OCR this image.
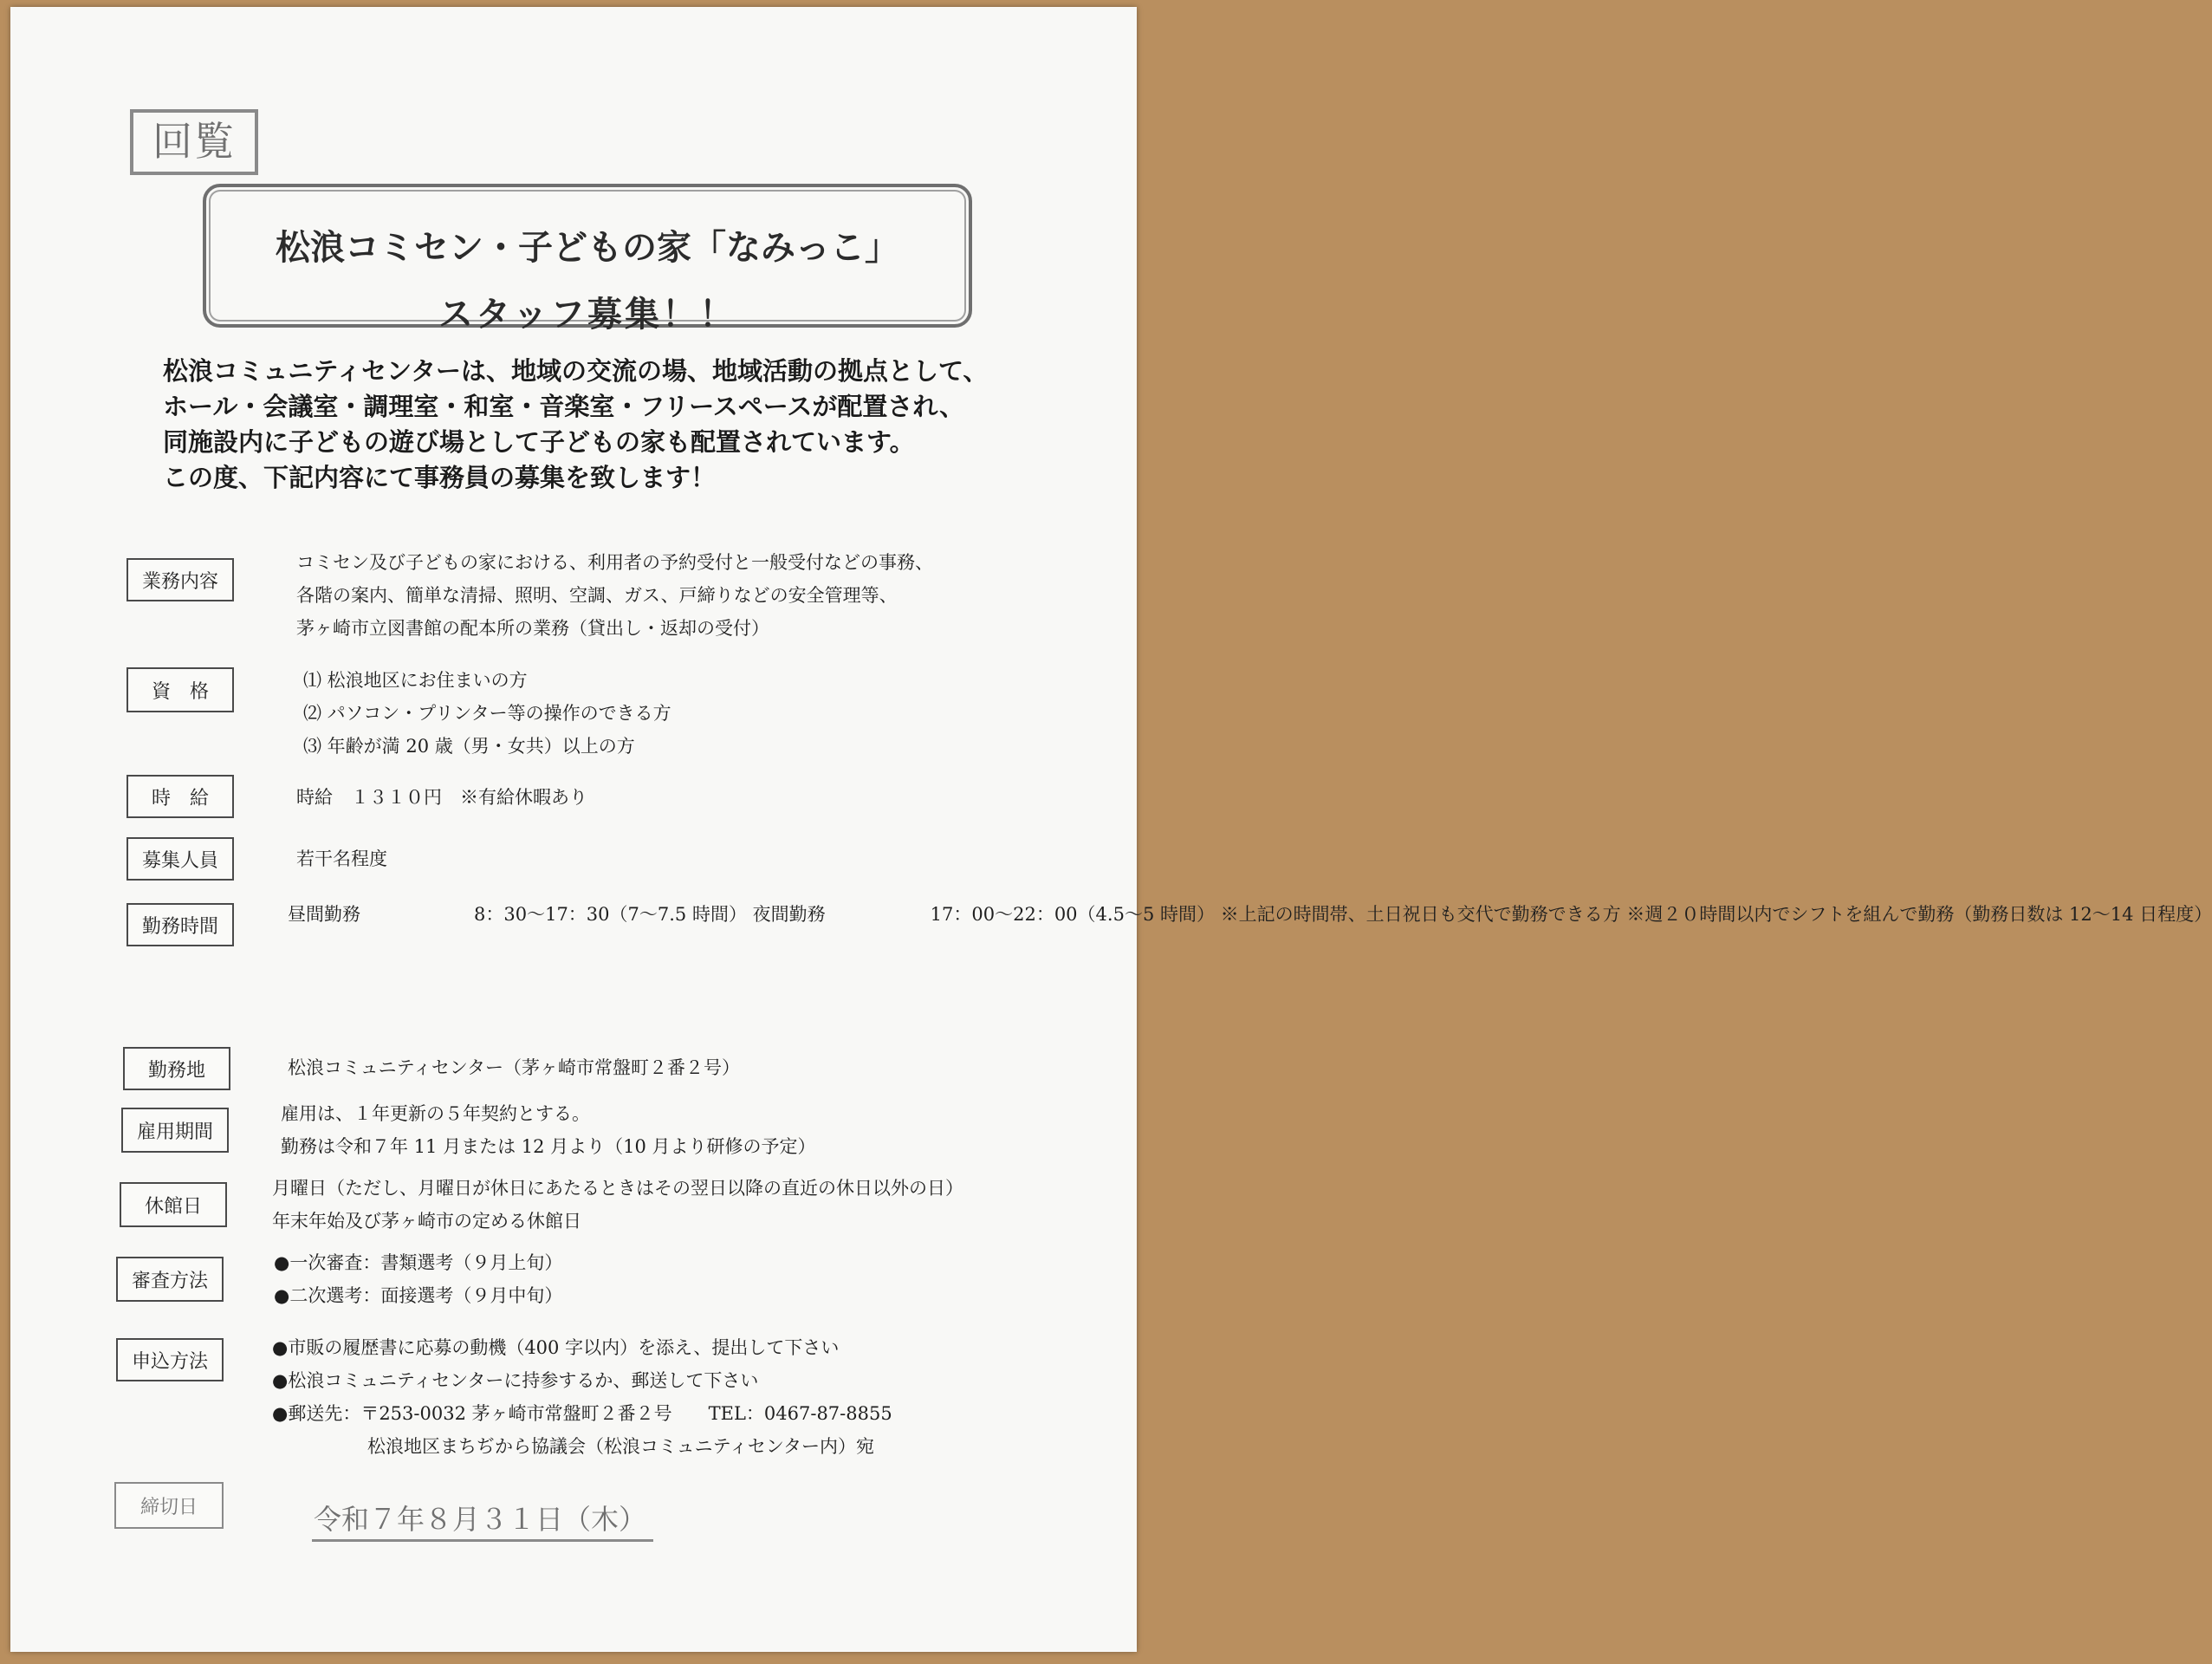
回覧
松浪コミセン・子どもの家「なみっこ」
スタッフ募集！！
松浪コミュニティセンターは、地域の交流の場、地域活動の拠点として、
ホール・会議室・調理室・和室・音楽室・フリースペースが配置され、
同施設内に子どもの遊び場として子どもの家も配置されています。
この度、下記内容にて事務員の募集を致します！
業務内容
コミセン及び子どもの家における、利用者の予約受付と一般受付などの事務、
各階の案内、簡単な清掃、照明、空調、ガス、戸締りなどの安全管理等、
茅ヶ崎市立図書館の配本所の業務（貸出し・返却の受付）
資　格
⑴ 松浪地区にお住まいの方
⑵ パソコン・プリンター等の操作のできる方
⑶ 年齢が満 20 歳（男・女共）以上の方
時　給	時給　１３１０円　※有給休暇あり
募集人員	若干名程度
勤務時間
昼間勤務	8：30～17：30（7～7.5 時間） 夜間勤務	17：00～22：00（4.5～5 時間） ※上記の時間帯、土日祝日も交代で勤務できる方 ※週２０時間以内でシフトを組んで勤務（勤務日数は 12～14 日程度）
勤務地	松浪コミュニティセンター（茅ヶ崎市常盤町２番２号）
雇用期間
雇用は、１年更新の５年契約とする。
勤務は令和７年 11 月または 12 月より（10 月より研修の予定）
休館日
月曜日（ただし、月曜日が休日にあたるときはその翌日以降の直近の休日以外の日）
年末年始及び茅ヶ崎市の定める休館日
審査方法
●一次審査：書類選考（９月上旬）
●二次選考：面接選考（９月中旬）
申込方法
●市販の履歴書に応募の動機（400 字以内）を添え、提出して下さい
●松浪コミュニティセンターに持参するか、郵送して下さい
●郵送先：〒253-0032 茅ヶ崎市常盤町２番２号　　TEL：0467-87-8855
松浪地区まちぢから協議会（松浪コミュニティセンター内）宛
締切日	令和７年８月３１日（木）
